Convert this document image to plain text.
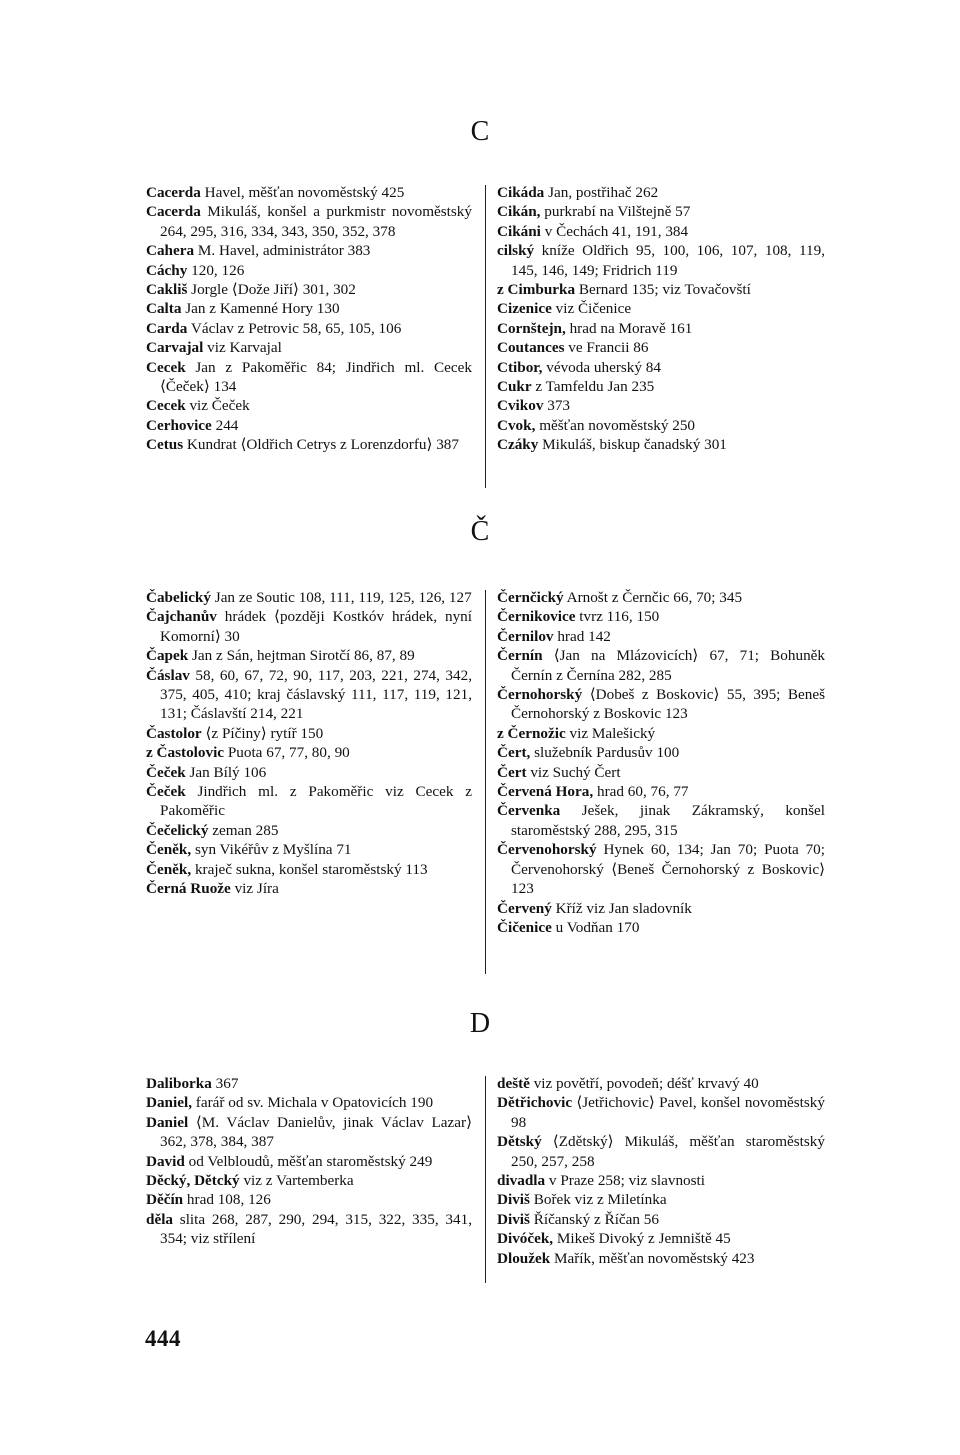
C
Cacerda Havel, měšťan novoměstský 425
Cacerda Mikuláš, konšel a purkmistr novoměstský 264, 295, 316, 334, 343, 350, 352, 378
Cahera M. Havel, administrátor 383
Cáchy 120, 126
Cakliš Jorgle ⟨Dože Jiří⟩ 301, 302
Calta Jan z Kamenné Hory 130
Carda Václav z Petrovic 58, 65, 105, 106
Carvajal viz Karvajal
Cecek Jan z Pakoměřic 84; Jindřich ml. Cecek ⟨Čeček⟩ 134
Cecek viz Čeček
Cerhovice 244
Cetus Kundrat ⟨Oldřich Cetrys z Lorenzdorfu⟩ 387
Cikáda Jan, postřihač 262
Cikán, purkrabí na Vilštejně 57
Cikáni v Čechách 41, 191, 384
cilský kníže Oldřich 95, 100, 106, 107, 108, 119, 145, 146, 149; Fridrich 119
z Cimburka Bernard 135; viz Tovačovští
Cizenice viz Čičenice
Cornštejn, hrad na Moravě 161
Coutances ve Francii 86
Ctibor, vévoda uherský 84
Cukr z Tamfeldu Jan 235
Cvikov 373
Cvok, měšťan novoměstský 250
Czáky Mikuláš, biskup čanadský 301
Č
Čabelický Jan ze Soutic 108, 111, 119, 125, 126, 127
Čajchanův hrádek ⟨později Kostkóv hrádek, nyní Komorní⟩ 30
Čapek Jan z Sán, hejtman Sirotčí 86, 87, 89
Čáslav 58, 60, 67, 72, 90, 117, 203, 221, 274, 342, 375, 405, 410; kraj čáslavský 111, 117, 119, 121, 131; Čáslavští 214, 221
Častolor ⟨z Píčiny⟩ rytíř 150
z Častolovic Puota 67, 77, 80, 90
Čeček Jan Bílý 106
Čeček Jindřich ml. z Pakoměřic viz Cecek z Pakoměřic
Čečelický zeman 285
Čeněk, syn Vikéřův z Myšlína 71
Čeněk, kraječ sukna, konšel staroměstský 113
Černá Ruože viz Jíra
Černčický Arnošt z Černčic 66, 70; 345
Černikovice tvrz 116, 150
Černilov hrad 142
Černín ⟨Jan na Mlázovicích⟩ 67, 71; Bohuněk Černín z Černína 282, 285
Černohorský ⟨Dobeš z Boskovic⟩ 55, 395; Beneš Černohorský z Boskovic 123
z Černožic viz Malešický
Čert, služebník Pardusův 100
Čert viz Suchý Čert
Červená Hora, hrad 60, 76, 77
Červenka Ješek, jinak Zákramský, konšel staroměstský 288, 295, 315
Červenohorský Hynek 60, 134; Jan 70; Puota 70; Červenohorský ⟨Beneš Černohorský z Boskovic⟩ 123
Červený Kříž viz Jan sladovník
Čičenice u Vodňan 170
D
Daliborka 367
Daniel, farář od sv. Michala v Opatovicích 190
Daniel ⟨M. Václav Danielův, jinak Václav Lazar⟩ 362, 378, 384, 387
David od Velbloudů, měšťan staroměstský 249
Děcký, Dětcký viz z Vartemberka
Děčín hrad 108, 126
děla slita 268, 287, 290, 294, 315, 322, 335, 341, 354; viz střílení
deště viz povětří, povodeň; déšť krvavý 40
Dětřichovic ⟨Jetřichovic⟩ Pavel, konšel novoměstský 98
Dětský ⟨Zdětský⟩ Mikuláš, měšťan staroměstský 250, 257, 258
divadla v Praze 258; viz slavnosti
Diviš Bořek viz z Miletínka
Diviš Říčanský z Říčan 56
Divóček, Mikeš Divoký z Jemniště 45
Dloužek Mařík, měšťan novoměstský 423
444
